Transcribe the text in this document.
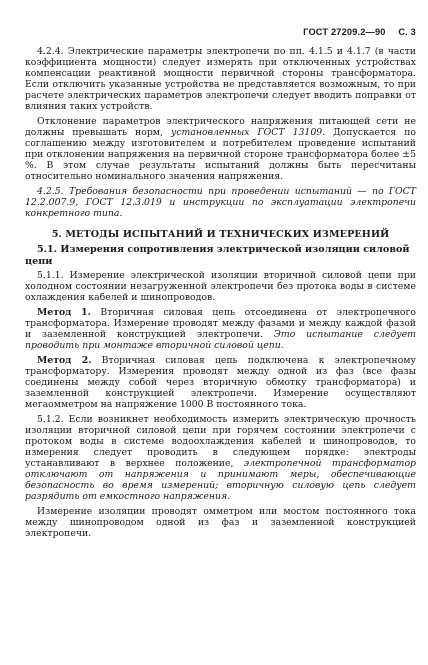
ГОСТ 27209.2—90 С. 3

4.2.4. Электрические параметры электропечи по пп. 4.1.5 и 4.1.7 (в части коэффициента мощности) следует измерять при отключенных устройствах компенсации реактивной мощности первичной стороны трансформатора. Если отключить указанные устройства не представляется возможным, то при расчете электрических параметров электропечи следует вводить поправки от влияния таких устройств.

Отклонение параметров электрического напряжения питающей сети не должны превышать норм, установленных ГОСТ 13109. Допускается по соглашению между изготовителем и потребителем проведение испытаний при отклонении напряжения на первичной стороне трансформатора более ±5 %. В этом случае результаты испытаний должны быть пересчитаны относительно номинального значения напряжения.

4.2.5. Требования безопасности при проведении испытаний — по ГОСТ 12.2.007.9, ГОСТ 12.3.019 и инструкции по эксплуатации электропечи конкретного типа.

5. МЕТОДЫ ИСПЫТАНИЙ И ТЕХНИЧЕСКИХ ИЗМЕРЕНИЙ
5.1. Измерения сопротивления электрической изоляции силовой цепи

5.1.1. Измерение электрической изоляции вторичной силовой цепи при холодном состоянии незагруженной электропечи без протока воды в системе охлаждения кабелей и шинопроводов.

Метод 1. Вторичная силовая цепь отсоединена от электропечного трансформатора. Измерение проводят между фазами и между каждой фазой и заземленной конструкцией электропечи. Это испытание следует проводить при монтаже вторичной силовой цепи.

Метод 2. Вторичная силовая цепь подключена к электропечному трансформатору. Измерения проводят между одной из фаз (все фазы соединены между собой через вторичную обмотку трансформатора) и заземленной конструкцией электропечи. Измерение осуществляют мегаомметром на напряжение 1000 В постоянного тока.

5.1.2. Если возникнет необходимость измерить электрическую прочность изоляции вторичной силовой цепи при горячем состоянии электропечи с протоком воды в системе водоохлаждения кабелей и шинопроводов, то измерения следует проводить в следующем порядке: электроды устанавливают в верхнее положение, электропечной трансформатор отключают от напряжения и принимают меры, обеспечивающие безопасность во время измерений; вторичную силовую цепь следует разрядить от емкостного напряжения.

Измерение изоляции проводят омметром или мостом постоянного тока между шинопроводом одной из фаз и заземленной конструкцией электропечи.
